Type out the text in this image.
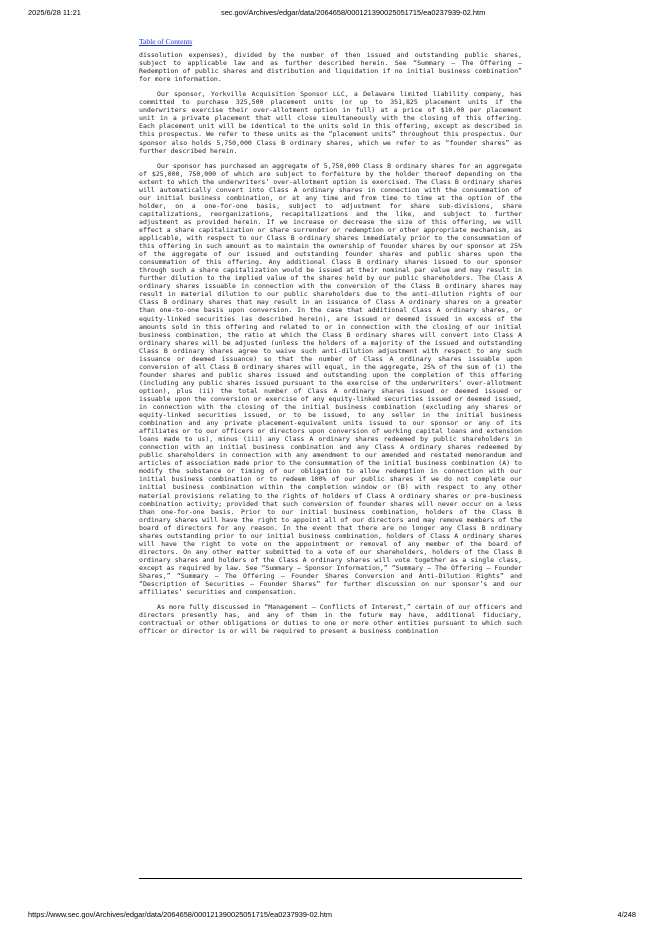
2025/6/28 11:21	sec.gov/Archives/edgar/data/2064658/000121390025051715/ea0237939-02.htm
Table of Contents

dissolution expenses), divided by the number of then issued and outstanding public shares, subject to applicable law and as further described herein. See “Summary — The Offering — Redemption of public shares and distribution and liquidation if no initial business combination” for more information.

Our sponsor, Yorkville Acquisition Sponsor LLC, a Delaware limited liability company, has committed to purchase 325,500 placement units (or up to 351,825 placement units if the underwriters exercise their over-allotment option in full) at a price of $10.00 per placement unit in a private placement that will close simultaneously with the closing of this offering. Each placement unit will be identical to the units sold in this offering, except as described in this prospectus. We refer to these units as the “placement units” throughout this prospectus. Our sponsor also holds 5,750,000 Class B ordinary shares, which we refer to as “founder shares” as further described herein.

Our sponsor has purchased an aggregate of 5,750,000 Class B ordinary shares for an aggregate of $25,000, 750,000 of which are subject to forfeiture by the holder thereof depending on the extent to which the underwriters’ over-allotment option is exercised. The Class B ordinary shares will automatically convert into Class A ordinary shares in connection with the consummation of our initial business combination, or at any time and from time to time at the option of the holder, on a one-for-one basis, subject to adjustment for share sub-divisions, share capitalizations, reorganizations, recapitalizations and the like, and subject to further adjustment as provided herein. If we increase or decrease the size of this offering, we will effect a share capitalization or share surrender or redemption or other appropriate mechanism, as applicable, with respect to our Class B ordinary shares immediately prior to the consummation of this offering in such amount as to maintain the ownership of founder shares by our sponsor at 25% of the aggregate of our issued and outstanding founder shares and public shares upon the consummation of this offering. Any additional Class B ordinary shares issued to our sponsor through such a share capitalization would be issued at their nominal par value and may result in further dilution to the implied value of the shares held by our public shareholders. The Class A ordinary shares issuable in connection with the conversion of the Class B ordinary shares may result in material dilution to our public shareholders due to the anti-dilution rights of our Class B ordinary shares that may result in an issuance of Class A ordinary shares on a greater than one-to-one basis upon conversion. In the case that additional Class A ordinary shares, or equity-linked securities (as described herein), are issued or deemed issued in excess of the amounts sold in this offering and related to or in connection with the closing of our initial business combination, the ratio at which the Class B ordinary shares will convert into Class A ordinary shares will be adjusted (unless the holders of a majority of the issued and outstanding Class B ordinary shares agree to waive such anti-dilution adjustment with respect to any such issuance or deemed issuance) so that the number of Class A ordinary shares issuable upon conversion of all Class B ordinary shares will equal, in the aggregate, 25% of the sum of (i) the founder shares and public shares issued and outstanding upon the completion of this offering (including any public shares issued pursuant to the exercise of the underwriters’ over-allotment option), plus (ii) the total number of Class A ordinary shares issued or deemed issued or issuable upon the conversion or exercise of any equity-linked securities issued or deemed issued, in connection with the closing of the initial business combination (excluding any shares or equity-linked securities issued, or to be issued, to any seller in the initial business combination and any private placement-equivalent units issued to our sponsor or any of its affiliates or to our officers or directors upon conversion of working capital loans and extension loans made to us), minus (iii) any Class A ordinary shares redeemed by public shareholders in connection with an initial business combination and any Class A ordinary shares redeemed by public shareholders in connection with any amendment to our amended and restated memorandum and articles of association made prior to the consummation of the initial business combination (A) to modify the substance or timing of our obligation to allow redemption in connection with our initial business combination or to redeem 100% of our public shares if we do not complete our initial business combination within the completion window or (B) with respect to any other material provisions relating to the rights of holders of Class A ordinary shares or pre-business combination activity; provided that such conversion of founder shares will never occur on a less than one-for-one basis. Prior to our initial business combination, holders of the Class B ordinary shares will have the right to appoint all of our directors and may remove members of the board of directors for any reason. In the event that there are no longer any Class B ordinary shares outstanding prior to our initial business combination, holders of Class A ordinary shares will have the right to vote on the appointment or removal of any member of the board of directors. On any other matter submitted to a vote of our shareholders, holders of the Class B ordinary shares and holders of the Class A ordinary shares will vote together as a single class, except as required by law. See “Summary — Sponsor Information,” “Summary — The Offering — Founder Shares,” “Summary — The Offering — Founder Shares Conversion and Anti-Dilution Rights” and “Description of Securities — Founder Shares” for further discussion on our sponsor’s and our affiliates’ securities and compensation.

As more fully discussed in “Management — Conflicts of Interest,” certain of our officers and directors presently has, and any of them in the future may have, additional fiduciary, contractual or other obligations or duties to one or more other entities pursuant to which such officer or director is or will be required to present a business combination

https://www.sec.gov/Archives/edgar/data/2064658/000121390025051715/ea0237939-02.htm	4/248
